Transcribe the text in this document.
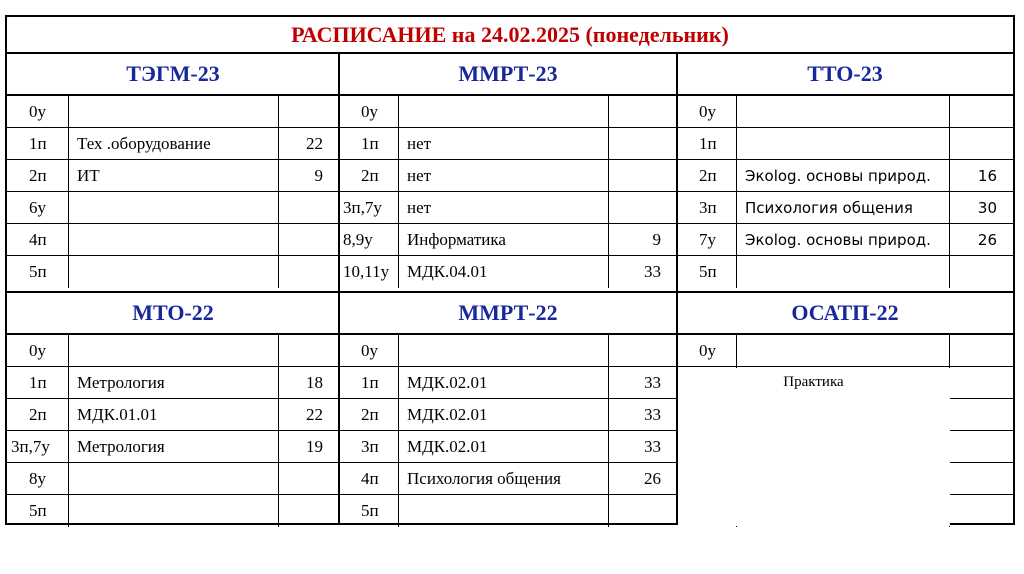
РАСПИСАНИЕ на 24.02.2025 (понедельник)
ТЭГМ-23
0у
1п	Тех .оборудование	22
2п	ИТ	9
6у
4п
5п
ММРТ-23
0у
1п	нет
2п	нет
3п,7у	нет
8,9у	Информатика	9
10,11у	МДК.04.01	33
ТТО-23
0у
1п
2п	Экolog. основы природ.	16
3п	Психология общения	30
7у	Экolog. основы природ.	26
5п
МТО-22
0у
1п	Метрология	18
2п	МДК.01.01	22
3п,7у	Метрология	19
8у
5п
ММРТ-22
0у
1п	МДК.02.01	33
2п	МДК.02.01	33
3п	МДК.02.01	33
4п	Психология общения	26
5п
ОСАТП-22
0у
Практика
